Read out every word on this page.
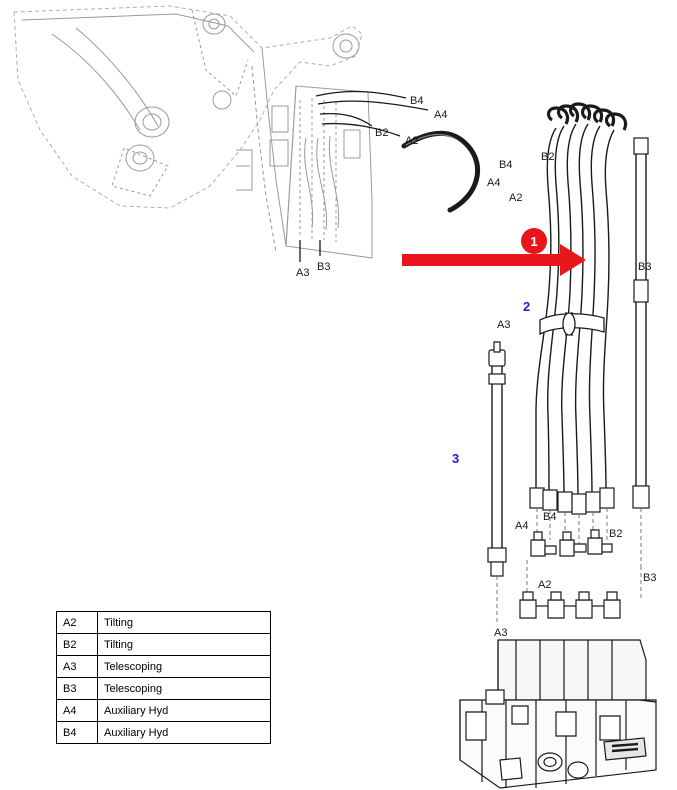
1
2
3
B4
A4
B2
A2
A3 B3
B4
A4
B2
A2
B3
A3
A4
B4
B2
A2
B3
A3
A2	Tilting
B2	Tilting
A3	Telescoping
B3	Telescoping
A4	Auxiliary Hyd
B4	Auxiliary Hyd
